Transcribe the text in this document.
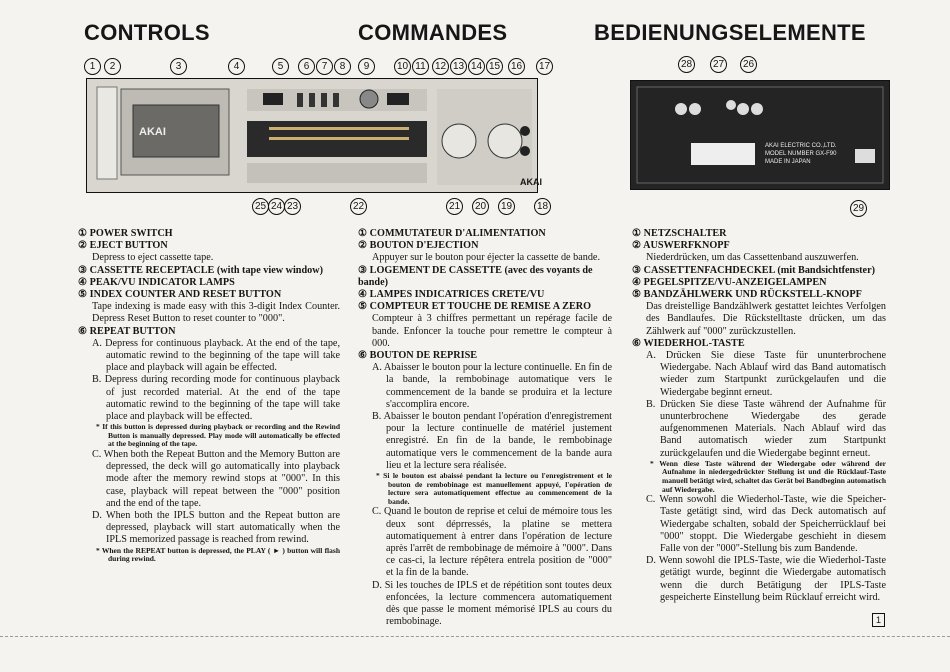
CONTROLS	COMMANDES	BEDIENUNGSELEMENTE
AKAI
AKAI
AKAI ELECTRIC CO.,LTD.
MODEL NUMBER GX-F90
MADE IN JAPAN
1	2	3	4	5	6	7	8	9	10 11 12 13 14 15 16 17
25 24 23	22	21 20 19 18
28 27 26
29

① POWER SWITCH

② EJECT BUTTON

Depress to eject cassette tape.

③ CASSETTE RECEPTACLE (with tape view window)

④ PEAK/VU INDICATOR LAMPS

⑤ INDEX COUNTER AND RESET BUTTON

Tape indexing is made easy with this 3-digit Index Counter. Depress Reset Button to reset counter to "000".

⑥ REPEAT BUTTON

A. Depress for continuous playback. At the end of the tape, automatic rewind to the beginning of the tape will take place and playback will again be effected.

B. Depress during recording mode for continuous playback of just recorded material. At the end of the tape automatic rewind to the beginning of the tape will take place and playback will be effected.

* If this button is depressed during playback or recording and the Rewind Button is manually depressed. Play mode will automatically be effected at the beginning of the tape.

C. When both the Repeat Button and the Memory Button are depressed, the deck will go automatically into playback mode after the memory rewind stops at "000". In this case, playback will repeat between the "000" position and the end of the tape.

D. When both the IPLS button and the Repeat button are depressed, playback will start automatically when the IPLS memorized passage is reached from rewind.

* When the REPEAT button is depressed, the PLAY ( ► ) button will flash during rewind.

① COMMUTATEUR D'ALIMENTATION

② BOUTON D'EJECTION

Appuyer sur le bouton pour éjecter la cassette de bande.

③ LOGEMENT DE CASSETTE (avec des voyants de bande)

④ LAMPES INDICATRICES CRETE/VU

⑤ COMPTEUR ET TOUCHE DE REMISE A ZERO

Compteur à 3 chiffres permettant un repérage facile de bande. Enfoncer la touche pour remettre le compteur à 000.

⑥ BOUTON DE REPRISE

A. Abaisser le bouton pour la lecture continuelle. En fin de la bande, la rembobinage automatique vers le commencement de la bande se produira et la lecture s'accomplira encore.

B. Abaisser le bouton pendant l'opération d'enregistrement pour la lecture continuelle de matériel justement enregistré. En fin de la bande, le rembobinage automatique vers le commencement de la bande aura lieu et la lecture sera réalisée.

* Si le bouton est abaissé pendant la lecture ou l'enregistrement et le bouton de rembobinage est manuellement appuyé, l'opération de lecture sera automatiquement effectue au commencement de la bande.

C. Quand le bouton de reprise et celui de mémoire tous les deux sont déprressés, la platine se mettera automatiquement à entrer dans l'opération de lecture après l'arrêt de rembobinage de mémoire à "000". Dans ce cas-ci, la lecture répêtera entrela position de "000" et la fin de la bande.

D. Si les touches de IPLS et de répétition sont toutes deux enfoncées, la lecture commencera automatiquement dès que passe le moment mémorisé IPLS au cours du rembobinage.

① NETZSCHALTER

② AUSWERFKNOPF

Niederdrücken, um das Cassettenband auszuwerfen.

③ CASSETTENFACHDECKEL (mit Bandsichtfenster)

④ PEGELSPITZE/VU-ANZEIGELAMPEN

⑤ BANDZÄHLWERK UND RÜCKSTELL-KNOPF

Das dreistellige Bandzählwerk gestattet leichtes Verfolgen des Bandlaufes. Die Rückstelltaste drücken, um das Zählwerk auf "000" zurückzustellen.

⑥ WIEDERHOL-TASTE

A. Drücken Sie diese Taste für ununterbrochene Wiedergabe. Nach Ablauf wird das Band automatisch wieder zum Startpunkt zurückgelaufen und die Wiedergabe beginnt erneut.

B. Drücken Sie diese Taste während der Aufnahme für ununterbrochene Wiedergabe des gerade aufgenommenen Materials. Nach Ablauf wird das Band automatisch wieder zum Startpunkt zurückgelaufen und die Wiedergabe beginnt erneut.

* Wenn diese Taste während der Wiedergabe oder während der Aufnahme in niedergedrückter Stellung ist und die Rücklauf-Taste manuell betätigt wird, schaltet das Gerät bei Bandbeginn automatisch auf Wiedergabe.

C. Wenn sowohl die Wiederhol-Taste, wie die Speicher-Taste getätigt sind, wird das Deck automatisch auf Wiedergabe schalten, sobald der Speicherrücklauf bei "000" stoppt. Die Wiedergabe geschieht in diesem Falle von der "000"-Stellung bis zum Bandende.

D. Wenn sowohl die IPLS-Taste, wie die Wiederhol-Taste getätigt wurde, beginnt die Wiedergabe automatisch wenn die durch Betätigung der IPLS-Taste gespeicherte Einstellung beim Rücklauf erreicht wird.

1
